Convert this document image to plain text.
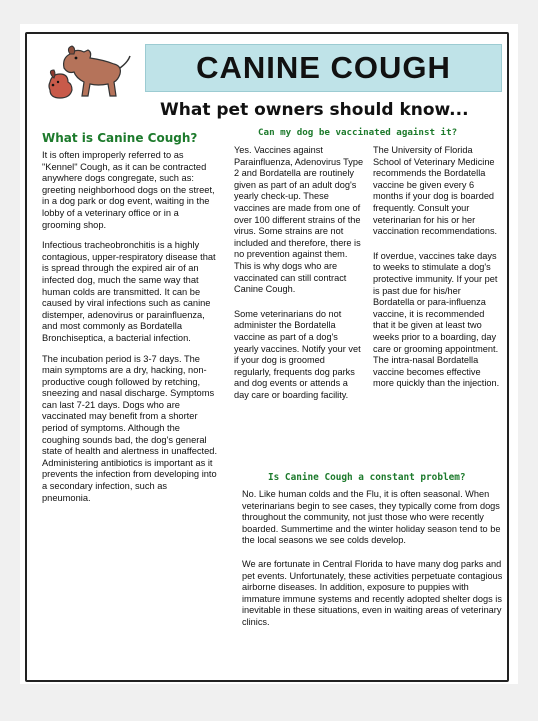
CANINE COUGH
What pet owners should know...
What is Canine Cough?

It is often improperly referred to as "Kennel" Cough, as it can be contracted anywhere dogs congregate, such as: greeting neighborhood dogs on the street, in a dog park or dog event, waiting in the lobby of a veterinary office or in a grooming shop.

Infectious tracheobronchitis is a highly contagious, upper-respiratory disease that is spread through the expired air of an infected dog, much the same way that human colds are transmitted. It can be caused by viral infections such as canine distemper, adenovirus or parainfluenza, and most commonly as Bordatella Bronchiseptica, a bacterial infection.

The incubation period is 3-7 days. The main symptoms are a dry, hacking, non-productive cough followed by retching, sneezing and nasal discharge. Symptoms can last 7-21 days. Dogs who are vaccinated may benefit from a shorter period of symptoms. Although the coughing sounds bad, the dog's general state of health and alertness in unaffected. Administering antibiotics is important as it prevents the infection from developing into a secondary infection, such as pneumonia.

Can my dog be vaccinated against it?

Yes. Vaccines against Parainfluenza, Adenovirus Type 2 and Bordatella are routinely given as part of an adult dog's yearly check-up. These vaccines are made from one of over 100 different strains of the virus. Some strains are not included and therefore, there is no prevention against them. This is why dogs who are vaccinated can still contract Canine Cough.

Some veterinarians do not administer the Bordatella vaccine as part of a dog's yearly vaccines. Notify your vet if your dog is groomed regularly, frequents dog parks and dog events or attends a day care or boarding facility.

The University of Florida School of Veterinary Medicine recommends the Bordatella vaccine be given every 6 months if your dog is boarded frequently. Consult your veterinarian for his or her vaccination recommendations.

If overdue, vaccines take days to weeks to stimulate a dog's protective immunity. If your pet is past due for his/her Bordatella or para-influenza vaccine, it is recommended that it be given at least two weeks prior to a boarding, day care or grooming appointment. The intra-nasal Bordatella vaccine becomes effective more quickly than the injection.

Is Canine Cough a constant problem?

No. Like human colds and the Flu, it is often seasonal. When veterinarians begin to see cases, they typically come from dogs throughout the community, not just those who were recently boarded. Summertime and the winter holiday season tend to be the local seasons we see colds develop.

We are fortunate in Central Florida to have many dog parks and pet events. Unfortunately, these activities perpetuate contagious airborne diseases. In addition, exposure to puppies with immature immune systems and recently adopted shelter dogs is inevitable in these situations, even in waiting areas of veterinary clinics.
